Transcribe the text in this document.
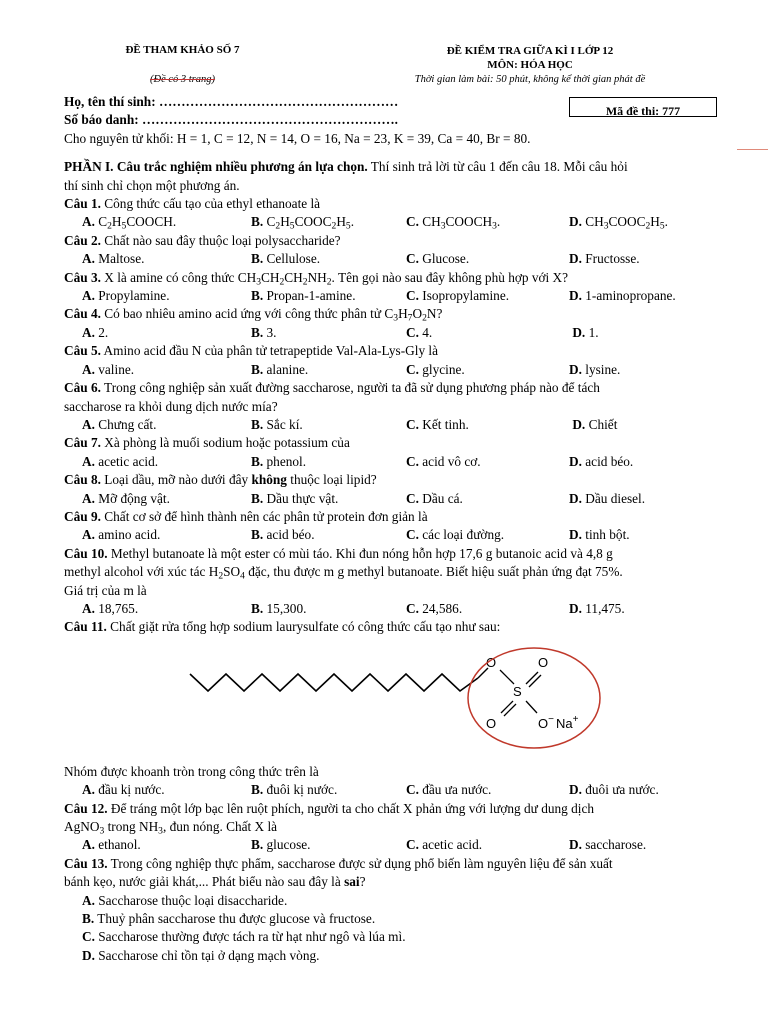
ĐỀ THAM KHẢO SỐ 7
(Đề có 3 trang)
ĐỀ KIỂM TRA GIỮA KÌ I LỚP 12
MÔN: HÓA HỌC
Thời gian làm bài: 50 phút, không kể thời gian phát đề
Mã đề thi: 777
Họ, tên thí sinh: ………………………………………………
Số báo danh: ………………………………………………….
Cho nguyên tử khối: H = 1, C = 12, N = 14, O = 16, Na = 23, K = 39, Ca = 40, Br = 80.
PHẦN I. Câu trắc nghiệm nhiều phương án lựa chọn. Thí sinh trả lời từ câu 1 đến câu 18. Mỗi câu hỏi
thí sinh chỉ chọn một phương án.
Câu 1. Công thức cấu tạo của ethyl ethanoate là
A. $C_2H_5COOCH$.	B. $C_2H_5COOC_2H_5$.	C. $CH_3COOCH_3$.	D. $CH_3COOC_2H_5$.
Câu 2. Chất nào sau đây thuộc loại polysaccharide?
A. Maltose.	B. Cellulose.	C. Glucose.	D. Fructosse.
Câu 3. X là amine có công thức $CH_3CH_2CH_2NH_2$. Tên gọi nào sau đây không phù hợp với X?
A. Propylamine.	B. Propan-1-amine.	C. Isopropylamine.	D. 1-aminopropane.
Câu 4. Có bao nhiêu amino acid ứng với công thức phân tử $C_3H_7O_2N$?
A. 2.	B. 3.	C. 4.	D. 1.
Câu 5. Amino acid đầu N của phân tử tetrapeptide Val-Ala-Lys-Gly là
A. valine.	B. alanine.	C. glycine.	D. lysine.
Câu 6. Trong công nghiệp sản xuất đường saccharose, người ta đã sử dụng phương pháp nào để tách
saccharose ra khỏi dung dịch nước mía?
A. Chưng cất.	B. Sắc kí.	C. Kết tinh.	D. Chiết
Câu 7. Xà phòng là muối sodium hoặc potassium của
A. acetic acid.	B. phenol.	C. acid vô cơ.	D. acid béo.
Câu 8. Loại dầu, mỡ nào dưới đây không thuộc loại lipid?
A. Mỡ động vật.	B. Dầu thực vật.	C. Dầu cá.	D. Dầu diesel.
Câu 9. Chất cơ sở để hình thành nên các phân tử protein đơn giản là
A. amino acid.	B. acid béo.	C. các loại đường.	D. tinh bột.
Câu 10. Methyl butanoate là một ester có mùi táo. Khi đun nóng hỗn hợp 17,6 g butanoic acid và 4,8 g
methyl alcohol với xúc tác $H_2SO_4$ đặc, thu được m g methyl butanoate. Biết hiệu suất phản ứng đạt 75%.
Giá trị của m là
A. 18,765.	B. 15,300.	C. 24,586.	D. 11,475.
Câu 11. Chất giặt rửa tổng hợp sodium laurysulfate có công thức cấu tạo như sau:
O
S
O
O	O− Na+
Nhóm được khoanh tròn trong công thức trên là
A. đầu kị nước.	B. đuôi kị nước.	C. đầu ưa nước.	D. đuôi ưa nước.
Câu 12. Để tráng một lớp bạc lên ruột phích, người ta cho chất X phản ứng với lượng dư dung dịch
AgNO$_3$ trong $NH_3$, đun nóng. Chất X là
A. ethanol.	B. glucose.	C. acetic acid.	D. saccharose.
Câu 13. Trong công nghiệp thực phẩm, saccharose được sử dụng phổ biến làm nguyên liệu để sản xuất
bánh kẹo, nước giải khát,... Phát biểu nào sau đây là sai?
A. Saccharose thuộc loại disaccharide.
B. Thuỷ phân saccharose thu được glucose và fructose.
C. Saccharose thường được tách ra từ hạt như ngô và lúa mì.
D. Saccharose chỉ tồn tại ở dạng mạch vòng.
